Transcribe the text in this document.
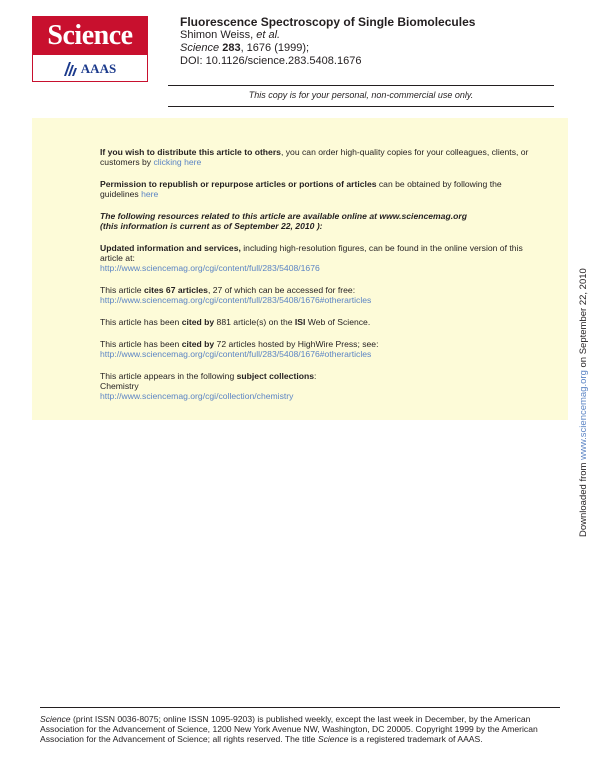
Science
AAAS
Fluorescence Spectroscopy of Single Biomolecules
Shimon Weiss, et al.
Science 283, 1676 (1999);
DOI: 10.1126/science.283.5408.1676
This copy is for your personal, non-commercial use only.
If you wish to distribute this article to others, you can order high-quality copies for your colleagues, clients, or customers by clicking here
Permission to republish or repurpose articles or portions of articles can be obtained by following the guidelines here
The following resources related to this article are available online at www.sciencemag.org
(this information is current as of September 22, 2010 ):
Updated information and services, including high-resolution figures, can be found in the online version of this article at:
http://www.sciencemag.org/cgi/content/full/283/5408/1676
This article cites 67 articles, 27 of which can be accessed for free:
http://www.sciencemag.org/cgi/content/full/283/5408/1676#otherarticles
This article has been cited by 881 article(s) on the ISI Web of Science.
This article has been cited by 72 articles hosted by HighWire Press; see:
http://www.sciencemag.org/cgi/content/full/283/5408/1676#otherarticles
This article appears in the following subject collections:
Chemistry
http://www.sciencemag.org/cgi/collection/chemistry
Downloaded from www.sciencemag.org on September 22, 2010
Science (print ISSN 0036-8075; online ISSN 1095-9203) is published weekly, except the last week in December, by the American Association for the Advancement of Science, 1200 New York Avenue NW, Washington, DC 20005. Copyright 1999 by the American Association for the Advancement of Science; all rights reserved. The title Science is a registered trademark of AAAS.
